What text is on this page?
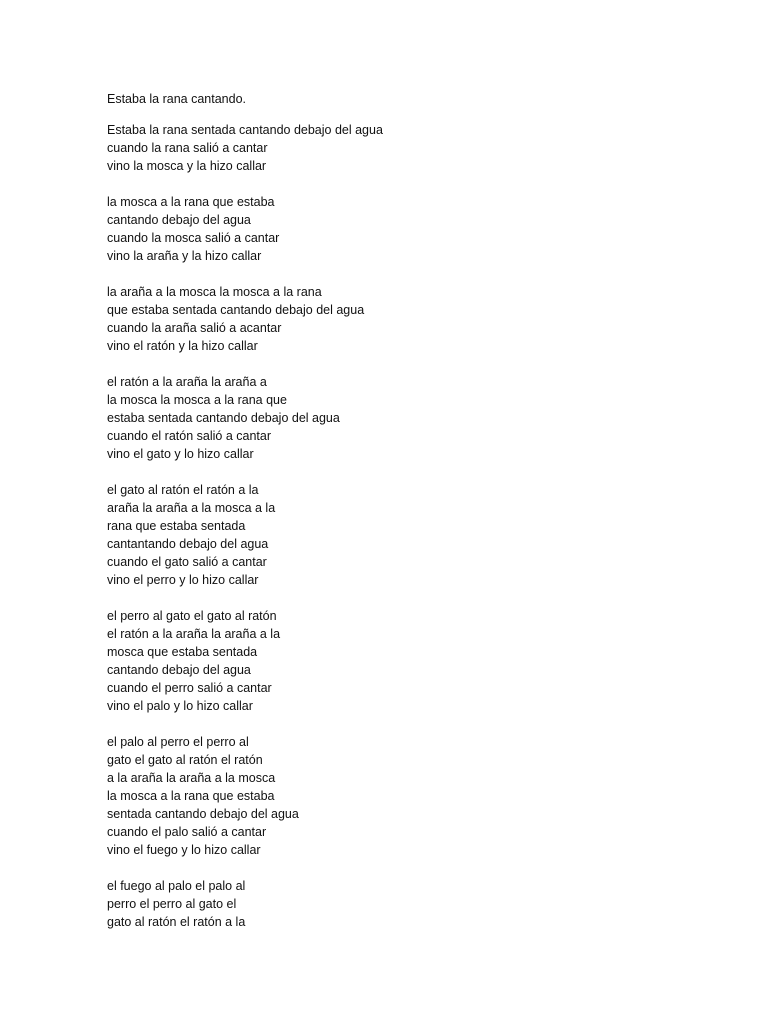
Estaba la rana cantando.

Estaba la rana sentada cantando debajo del agua
cuando la rana salió a cantar
vino la mosca y la hizo callar
la mosca a la rana que estaba
cantando debajo del agua
cuando la mosca salió a cantar
vino la araña y la hizo callar
la araña a la mosca la mosca a la rana
que estaba sentada cantando debajo del agua
cuando la araña salió a acantar
vino el ratón y la hizo callar
el ratón a la araña la araña a
la mosca la mosca a la rana que
estaba sentada cantando debajo del agua
cuando el ratón salió a cantar
vino el gato y lo hizo callar
el gato al ratón el ratón a la
araña la araña a la mosca a la
rana que estaba sentada
cantantando debajo del agua
cuando el gato salió a cantar
vino el perro y lo hizo callar
el perro al gato el gato al ratón
el ratón a la araña la araña a la
mosca que estaba sentada
cantando debajo del agua
cuando el perro salió a cantar
vino el palo y lo hizo callar
el palo al perro el perro al
gato el gato al ratón el ratón
a la araña la araña a la mosca
la mosca a la rana que estaba
sentada cantando debajo del agua
cuando el palo salió a cantar
vino el fuego y lo hizo callar
el fuego al palo el palo al
perro el perro al gato el
gato al ratón el ratón a la
